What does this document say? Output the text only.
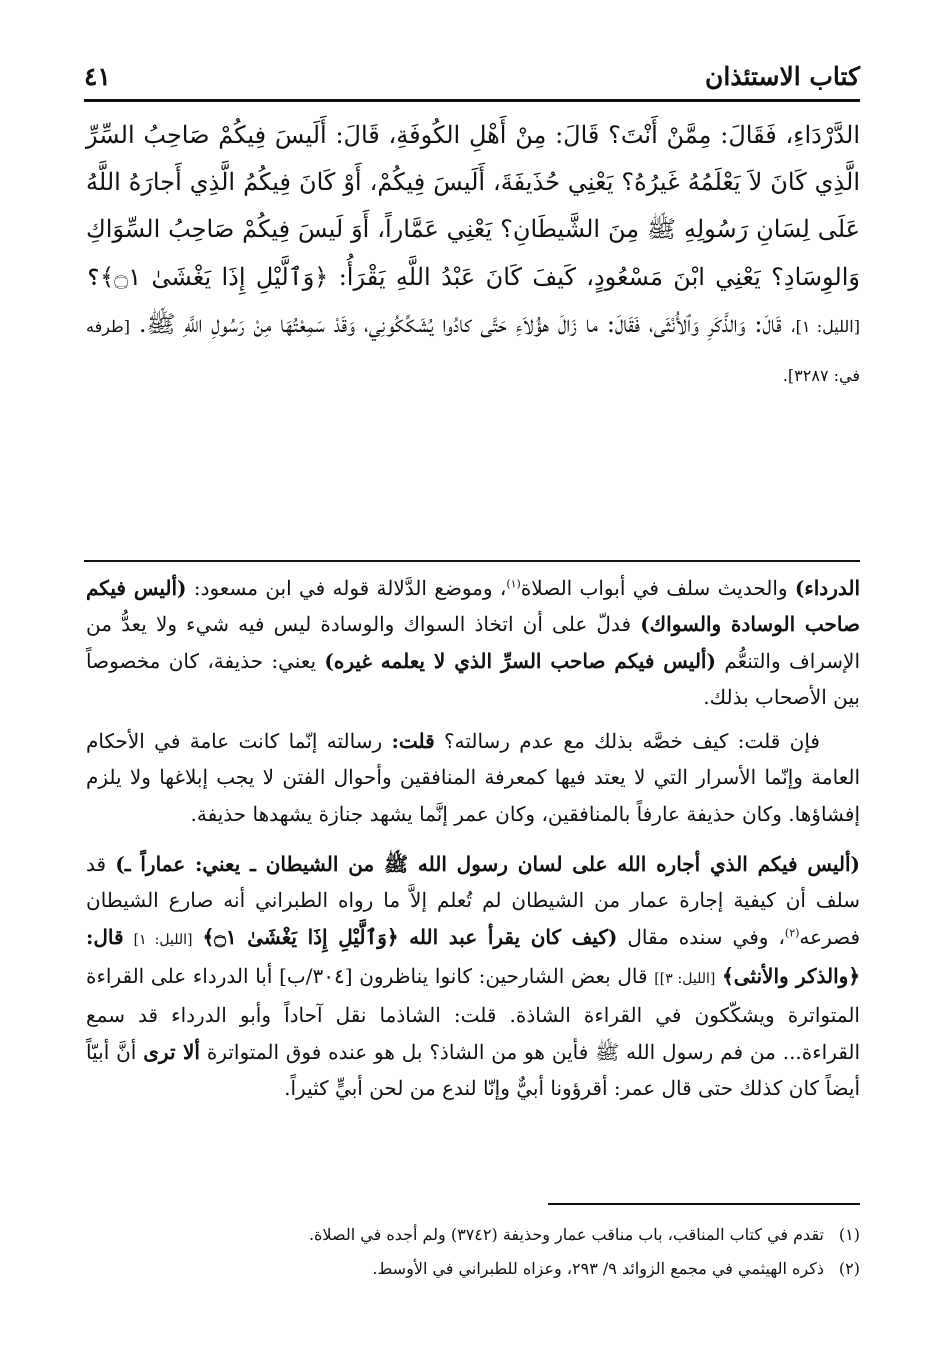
كتاب الاستئذان
٤١

الدَّرْدَاءِ، فَقَالَ: مِمَّنْ أَنْتَ؟ قَالَ: مِنْ أَهْلِ الكُوفَةِ، قَالَ: أَلَيسَ فِيكُمْ صَاحِبُ السِّرِّ الَّذِي كَانَ لاَ يَعْلَمُهُ غَيرُهُ؟ يَعْنِي حُذَيفَةَ، أَلَيسَ فِيكُمْ، أَوْ كَانَ فِيكُمُ الَّذِي أَجارَهُ اللَّهُ عَلَى لِسَانِ رَسُولِهِ ﷺ مِنَ الشَّيطَانِ؟ يَعْنِي عَمَّاراً، أَوَ لَيسَ فِيكُمْ صَاحِبُ السِّوَاكِ وَالوِسَادِ؟ يَعْنِي ابْنَ مَسْعُودٍ، كَيفَ كَانَ عَبْدُ اللَّهِ يَقْرَأُ: ﴿وَٱلَّيْلِ إِذَا يَغْشَىٰ ۝١﴾؟ [الليل: ١]، قَالَ: وَالذَّكَرِ وَٱلأُنْثَى، فَقَالَ: ما زَالَ هؤُلاَءِ حَتَّى كادُوا يُشَكِّكُونِي، وَقَدْ سَمِعْتُهَا مِنْ رَسُولِ اللَّهِ ﷺ. [طرفه في: ٣٢٨٧].

الدرداء) والحديث سلف في أبواب الصلاة$^{(١)}$، وموضع الدَّلالة قوله في ابن مسعود: (أليس فيكم صاحب الوسادة والسواك) فدلّ على أن اتخاذ السواك والوسادة ليس فيه شيء ولا يعدُّ من الإسراف والتنعُّم (أليس فيكم صاحب السرِّ الذي لا يعلمه غيره) يعني: حذيفة، كان مخصوصاً بين الأصحاب بذلك.

فإن قلت: كيف خصَّه بذلك مع عدم رسالته؟ قلت: رسالته إنّما كانت عامة في الأحكام العامة وإنّما الأسرار التي لا يعتد فيها كمعرفة المنافقين وأحوال الفتن لا يجب إبلاغها ولا يلزم إفشاؤها. وكان حذيفة عارفاً بالمنافقين، وكان عمر إنَّما يشهد جنازة يشهدها حذيفة.

(أليس فيكم الذي أجاره الله على لسان رسول الله ﷺ من الشيطان ـ يعني: عماراً ـ) قد سلف أن كيفية إجارة عمار من الشيطان لم تُعلم إلاَّ ما رواه الطبراني أنه صارع الشيطان فصرعه$^{(٢)}$، وفي سنده مقال (كيف كان يقرأ عبد الله ﴿وَٱلَّيْلِ إِذَا يَغْشَىٰ ۝١﴾ [الليل: ١] قال: ﴿والذكر والأنثى﴾ [الليل: ٣]] قال بعض الشارحين: كانوا يناظرون [٣٠٤/ب] أبا الدرداء على القراءة المتواترة ويشكّكون في القراءة الشاذة. قلت: الشاذما نقل آحاداً وأبو الدرداء قد سمع القراءة... من فم رسول الله ﷺ فأين هو من الشاذ؟ بل هو عنده فوق المتواترة ألا ترى أنَّ أبيّاً أيضاً كان كذلك حتى قال عمر: أقرؤونا أبيٌّ وإنّا لندع من لحن أبيٍّ كثيراً.

(١)تقدم في كتاب المناقب، باب مناقب عمار وحذيفة (٣٧٤٢) ولم أجده في الصلاة.

(٢)ذكره الهيثمي في مجمع الزوائد ٩/ ٢٩٣، وعزاه للطبراني في الأوسط.
